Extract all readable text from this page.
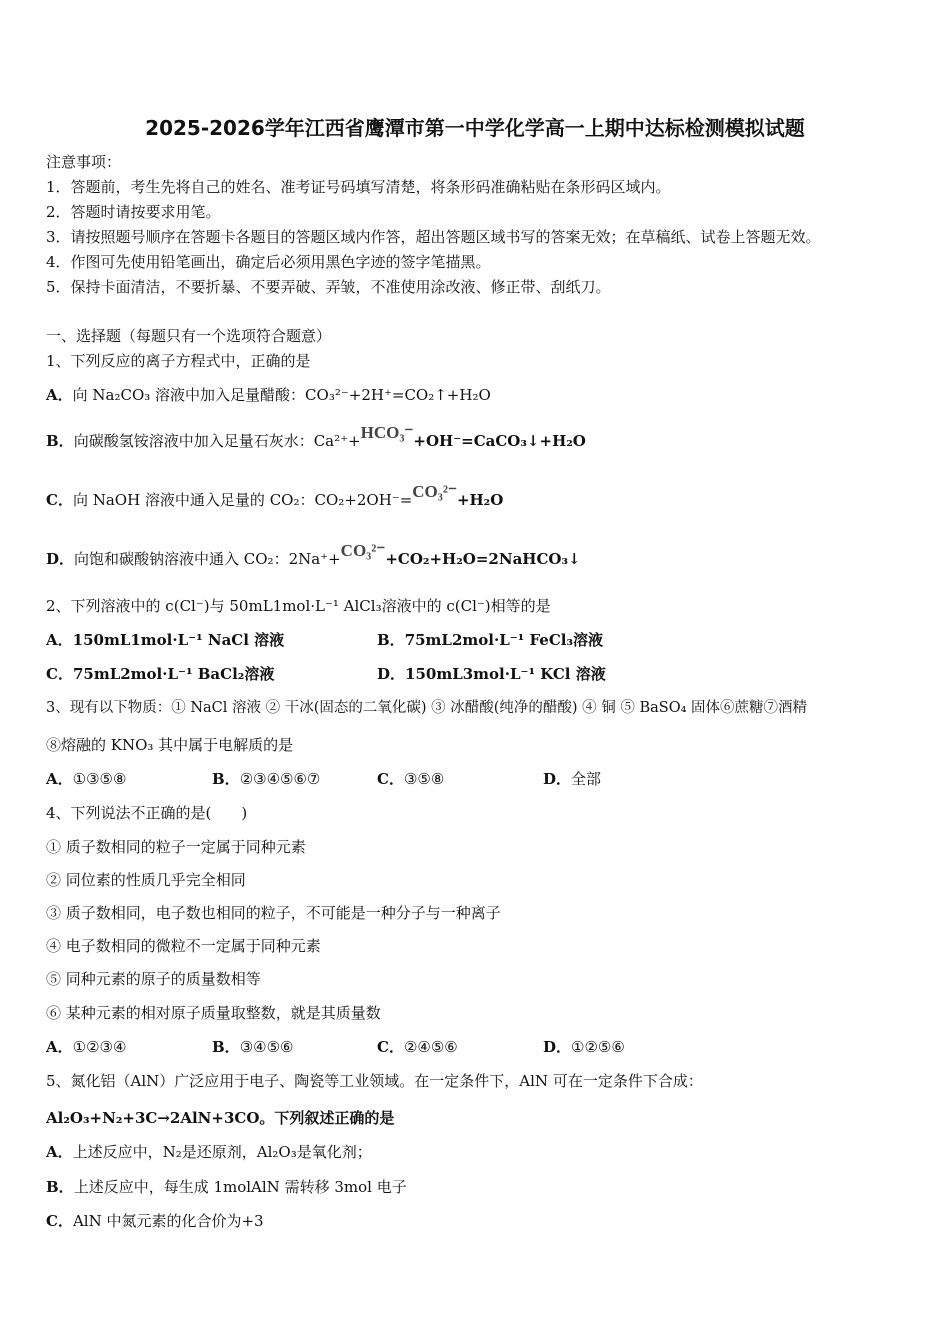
2025-2026学年江西省鹰潭市第一中学化学高一上期中达标检测模拟试题
注意事项：
1．答题前，考生先将自己的姓名、准考证号码填写清楚，将条形码准确粘贴在条形码区域内。
2．答题时请按要求用笔。
3．请按照题号顺序在答题卡各题目的答题区域内作答，超出答题区域书写的答案无效；在草稿纸、试卷上答题无效。
4．作图可先使用铅笔画出，确定后必须用黑色字迹的签字笔描黑。
5．保持卡面清洁，不要折暴、不要弄破、弄皱，不准使用涂改液、修正带、刮纸刀。
一、选择题（每题只有一个选项符合题意）
1、下列反应的离子方程式中，正确的是
A．向 Na₂CO₃ 溶液中加入足量醋酸：CO₃²⁻+2H⁺=CO₂↑+H₂O
B．向碳酸氢铵溶液中加入足量石灰水：Ca²⁺+HCO₃⁻+OH⁻=CaCO₃↓+H₂O
C．向 NaOH 溶液中通入足量的 CO₂：CO₂+2OH⁻=CO₃²⁻+H₂O
D．向饱和碳酸钠溶液中通入 CO₂：2Na⁺+CO₃²⁻+CO₂+H₂O=2NaHCO₃↓
2、下列溶液中的 c(Cl⁻)与 50mL1mol·L⁻¹ AlCl₃溶液中的 c(Cl⁻)相等的是
A．150mL1mol·L⁻¹ NaCl 溶液	B．75mL2mol·L⁻¹ FeCl₃溶液
C．75mL2mol·L⁻¹ BaCl₂溶液	D．150mL3mol·L⁻¹ KCl 溶液
3、现有以下物质：① NaCl 溶液 ② 干冰(固态的二氧化碳) ③ 冰醋酸(纯净的醋酸) ④ 铜 ⑤ BaSO₄ 固体⑥蔗糖⑦酒精
⑧熔融的 KNO₃ 其中属于电解质的是
A．①③⑤⑧	B．②③④⑤⑥⑦	C．③⑤⑧	D．全部
4、下列说法不正确的是(　　)
① 质子数相同的粒子一定属于同种元素
② 同位素的性质几乎完全相同
③ 质子数相同，电子数也相同的粒子，不可能是一种分子与一种离子
④ 电子数相同的微粒不一定属于同种元素
⑤ 同种元素的原子的质量数相等
⑥ 某种元素的相对原子质量取整数，就是其质量数
A．①②③④	B．③④⑤⑥	C．②④⑤⑥	D．①②⑤⑥
5、氮化铝（AlN）广泛应用于电子、陶瓷等工业领域。在一定条件下，AlN 可在一定条件下合成：
Al₂O₃+N₂+3C→2AlN+3CO。下列叙述正确的是
A．上述反应中，N₂是还原剂，Al₂O₃是氧化剂；
B．上述反应中，每生成 1molAlN 需转移 3mol 电子
C．AlN 中氮元素的化合价为+3
